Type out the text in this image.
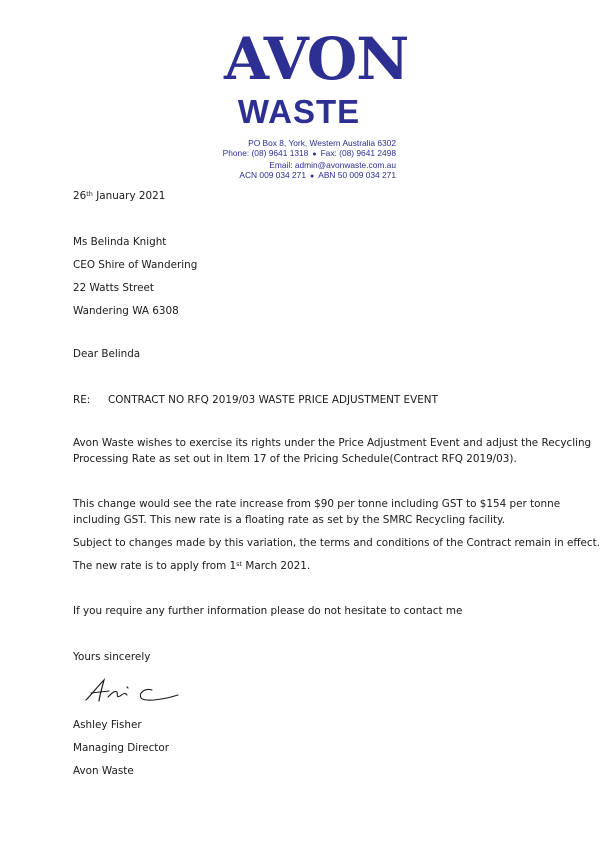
AVON
WASTE
PO Box 8, York, Western Australia 6302
Phone: (08) 9641 1318 ● Fax: (08) 9641 2498
Email: admin@avonwaste.com.au
ACN 009 034 271 ● ABN 50 009 034 271
26th January 2021
Ms Belinda Knight
CEO Shire of Wandering
22 Watts Street
Wandering WA 6308
Dear Belinda
RE: CONTRACT NO RFQ 2019/03 WASTE PRICE ADJUSTMENT EVENT
Avon Waste wishes to exercise its rights under the Price Adjustment Event and adjust the Recycling
Processing Rate as set out in Item 17 of the Pricing Schedule(Contract RFQ 2019/03).
This change would see the rate increase from $90 per tonne including GST to $154 per tonne
including GST. This new rate is a floating rate as set by the SMRC Recycling facility.
Subject to changes made by this variation, the terms and conditions of the Contract remain in effect.
The new rate is to apply from 1st March 2021.
If you require any further information please do not hesitate to contact me
Yours sincerely
Ashley Fisher
Managing Director
Avon Waste
